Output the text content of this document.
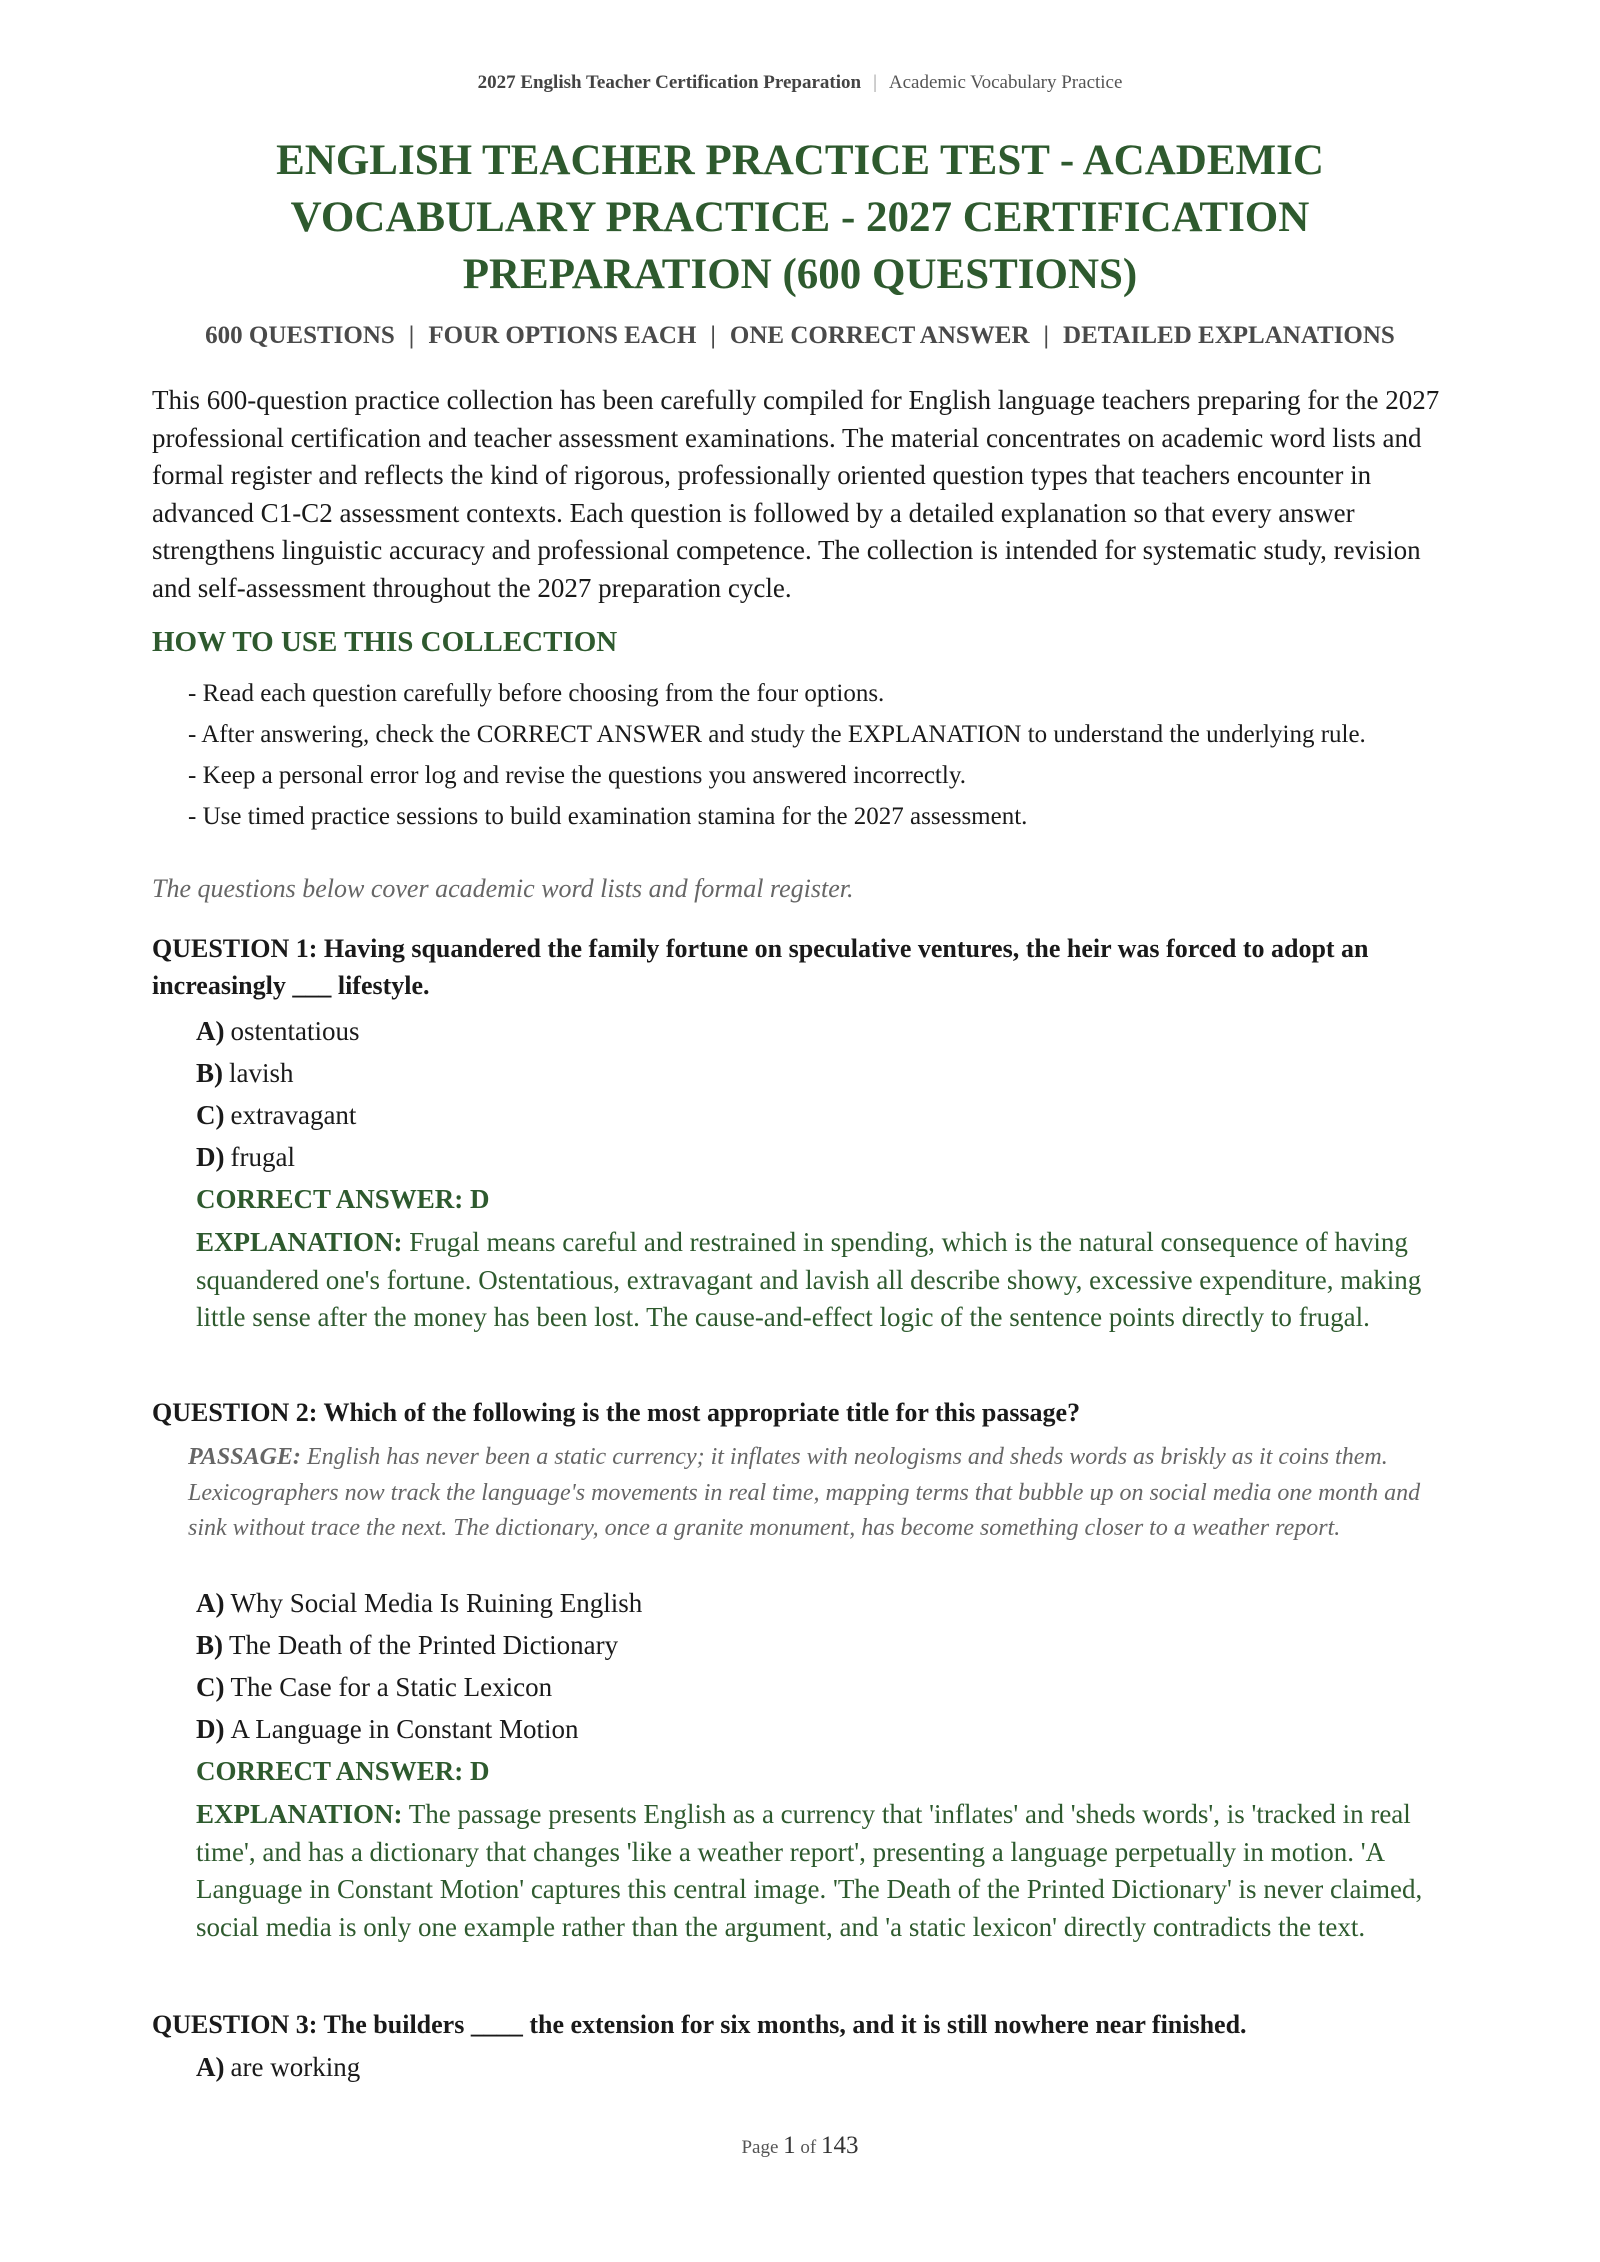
2027 English Teacher Certification Preparation | Academic Vocabulary Practice
ENGLISH TEACHER PRACTICE TEST - ACADEMIC VOCABULARY PRACTICE - 2027 CERTIFICATION PREPARATION (600 QUESTIONS)
600 QUESTIONS | FOUR OPTIONS EACH | ONE CORRECT ANSWER | DETAILED EXPLANATIONS

This 600-question practice collection has been carefully compiled for English language teachers preparing for the 2027 professional certification and teacher assessment examinations. The material concentrates on academic word lists and formal register and reflects the kind of rigorous, professionally oriented question types that teachers encounter in advanced C1-C2 assessment contexts. Each question is followed by a detailed explanation so that every answer strengthens linguistic accuracy and professional competence. The collection is intended for systematic study, revision and self-assessment throughout the 2027 preparation cycle.

HOW TO USE THIS COLLECTION
- Read each question carefully before choosing from the four options.
- After answering, check the CORRECT ANSWER and study the EXPLANATION to understand the underlying rule.
- Keep a personal error log and revise the questions you answered incorrectly.
- Use timed practice sessions to build examination stamina for the 2027 assessment.
The questions below cover academic word lists and formal register.

QUESTION 1: Having squandered the family fortune on speculative ventures, the heir was forced to adopt an increasingly ___ lifestyle.

A) ostentatious
B) lavish
C) extravagant
D) frugal
CORRECT ANSWER: D

EXPLANATION: Frugal means careful and restrained in spending, which is the natural consequence of having squandered one's fortune. Ostentatious, extravagant and lavish all describe showy, excessive expenditure, making little sense after the money has been lost. The cause-and-effect logic of the sentence points directly to frugal.

QUESTION 2: Which of the following is the most appropriate title for this passage?

PASSAGE: English has never been a static currency; it inflates with neologisms and sheds words as briskly as it coins them. Lexicographers now track the language's movements in real time, mapping terms that bubble up on social media one month and sink without trace the next. The dictionary, once a granite monument, has become something closer to a weather report.

A) Why Social Media Is Ruining English
B) The Death of the Printed Dictionary
C) The Case for a Static Lexicon
D) A Language in Constant Motion
CORRECT ANSWER: D

EXPLANATION: The passage presents English as a currency that 'inflates' and 'sheds words', is 'tracked in real time', and has a dictionary that changes 'like a weather report', presenting a language perpetually in motion. 'A Language in Constant Motion' captures this central image. 'The Death of the Printed Dictionary' is never claimed, social media is only one example rather than the argument, and 'a static lexicon' directly contradicts the text.

QUESTION 3: The builders ____ the extension for six months, and it is still nowhere near finished.

A) are working
Page 1 of 143
